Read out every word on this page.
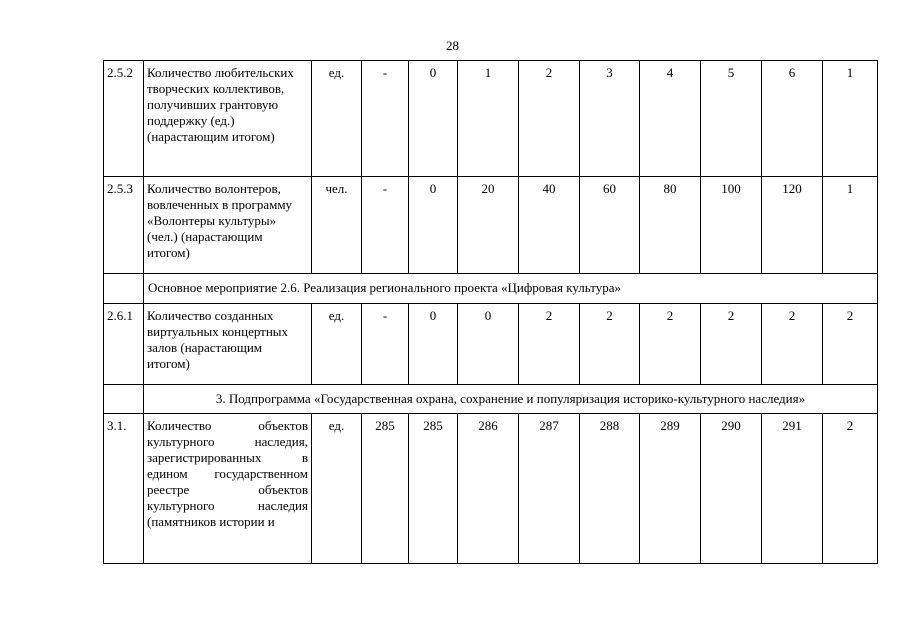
28
2.5.2	Количество любительских творческих коллективов, получивших грантовую поддержку (ед.) (нарастающим итогом)	ед.	-	0	1	2	3	4	5	6	1
2.5.3	Количество волонтеров, вовлеченных в программу «Волонтеры культуры» (чел.) (нарастающим итогом)	чел.	-	0	20	40	60	80	100	120	1
	Основное мероприятие 2.6. Реализация регионального проекта «Цифровая культура»										
2.6.1	Количество созданных виртуальных концертных залов (нарастающим итогом)	ед.	-	0	0	2	2	2	2	2	2
	3. Подпрограмма «Государственная охрана, сохранение и популяризация историко-культурного наследия»										
3.1.	Количество объектов культурного наследия, зарегистрированных в едином государственном реестре объектов культурного наследия (памятников истории и	ед.	285	285	286	287	288	289	290	291	2
